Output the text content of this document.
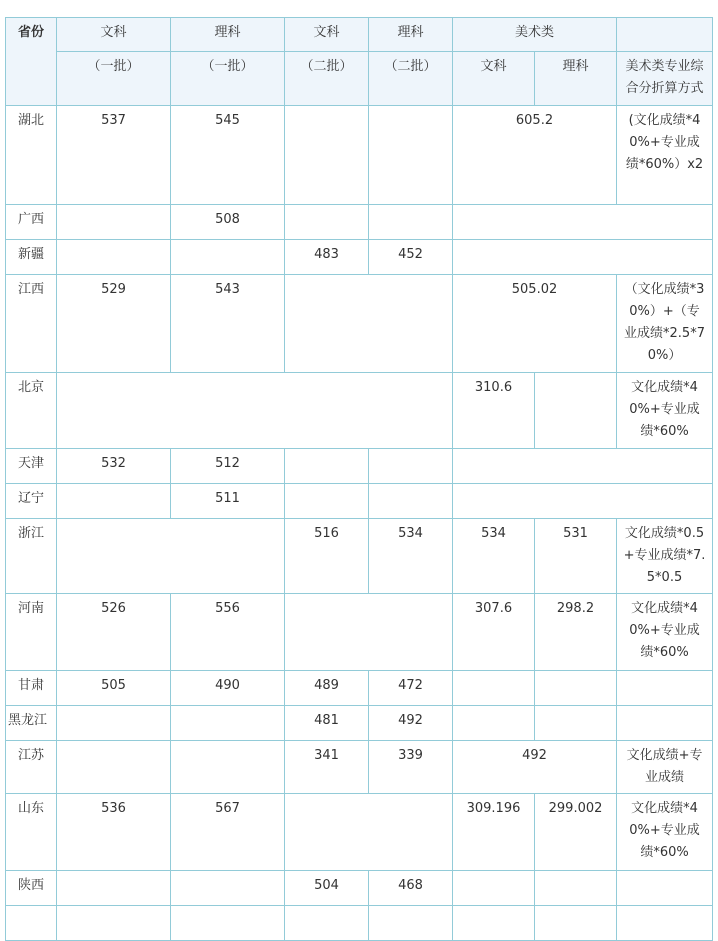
省份	文科	理科	文科	理科	美术类		
	（一批）	（一批）	（二批）	（二批）	文科	理科	美术类专业综合分折算方式
湖北	537	545			605.2		(文化成绩*40%+专业成绩*60%）x2
广西		508					
新疆			483	452			
江西	529	543			505.02		（文化成绩*30%）+（专业成绩*2.5*70%）
北京					310.6		文化成绩*40%+专业成绩*60%
天津	532	512					
辽宁		511					
浙江			516	534	534	531	文化成绩*0.5+专业成绩*7.5*0.5
河南	526	556			307.6	298.2	文化成绩*40%+专业成绩*60%
甘肃	505	490	489	472			
黑龙江			481	492			
江苏			341	339	492		文化成绩+专业成绩
山东	536	567			309.196	299.002	文化成绩*40%+专业成绩*60%
陕西			504	468			
